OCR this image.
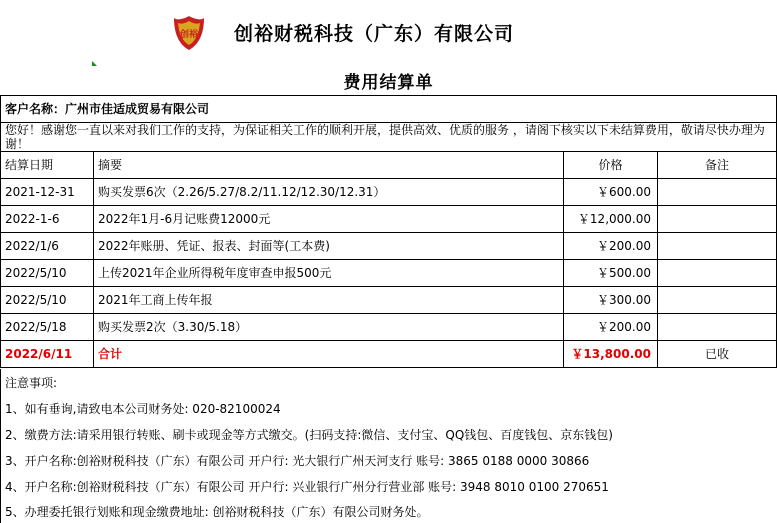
创裕 创裕财税科技（广东）有限公司
费用结算单
客户名称：广州市佳适成贸易有限公司			
您好！感谢您一直以来对我们工作的支持，为保证相关工作的顺利开展，提供高效、优质的服务 ，请阁下核实以下未结算费用，敬请尽快办理为谢！			
结算日期	摘要	价格	备注
2021-12-31	购买发票6次（2.26/5.27/8.2/11.12/12.30/12.31）	￥600.00	
2022-1-6	2022年1月-6月记账费12000元	￥12,000.00	
2022/1/6	2022年账册、凭证、报表、封面等(工本费)	￥200.00	
2022/5/10	上传2021年企业所得税年度审查申报500元	￥500.00	
2022/5/10	2021年工商上传年报	￥300.00	
2022/5/18	购买发票2次（3.30/5.18）	￥200.00	
2022/6/11	合计	￥13,800.00	已收
注意事项:
1、如有垂询,请致电本公司财务处: 020-82100024
2、缴费方法:请采用银行转账、刷卡或现金等方式缴交。(扫码支持:微信、支付宝、QQ钱包、百度钱包、京东钱包)
3、开户名称:创裕财税科技（广东）有限公司 开户行: 光大银行广州天河支行 账号: 3865 0188 0000 30866
4、开户名称:创裕财税科技（广东）有限公司 开户行: 兴业银行广州分行营业部 账号: 3948 8010 0100 270651
5、办理委托银行划账和现金缴费地址: 创裕财税科技（广东）有限公司财务处。
